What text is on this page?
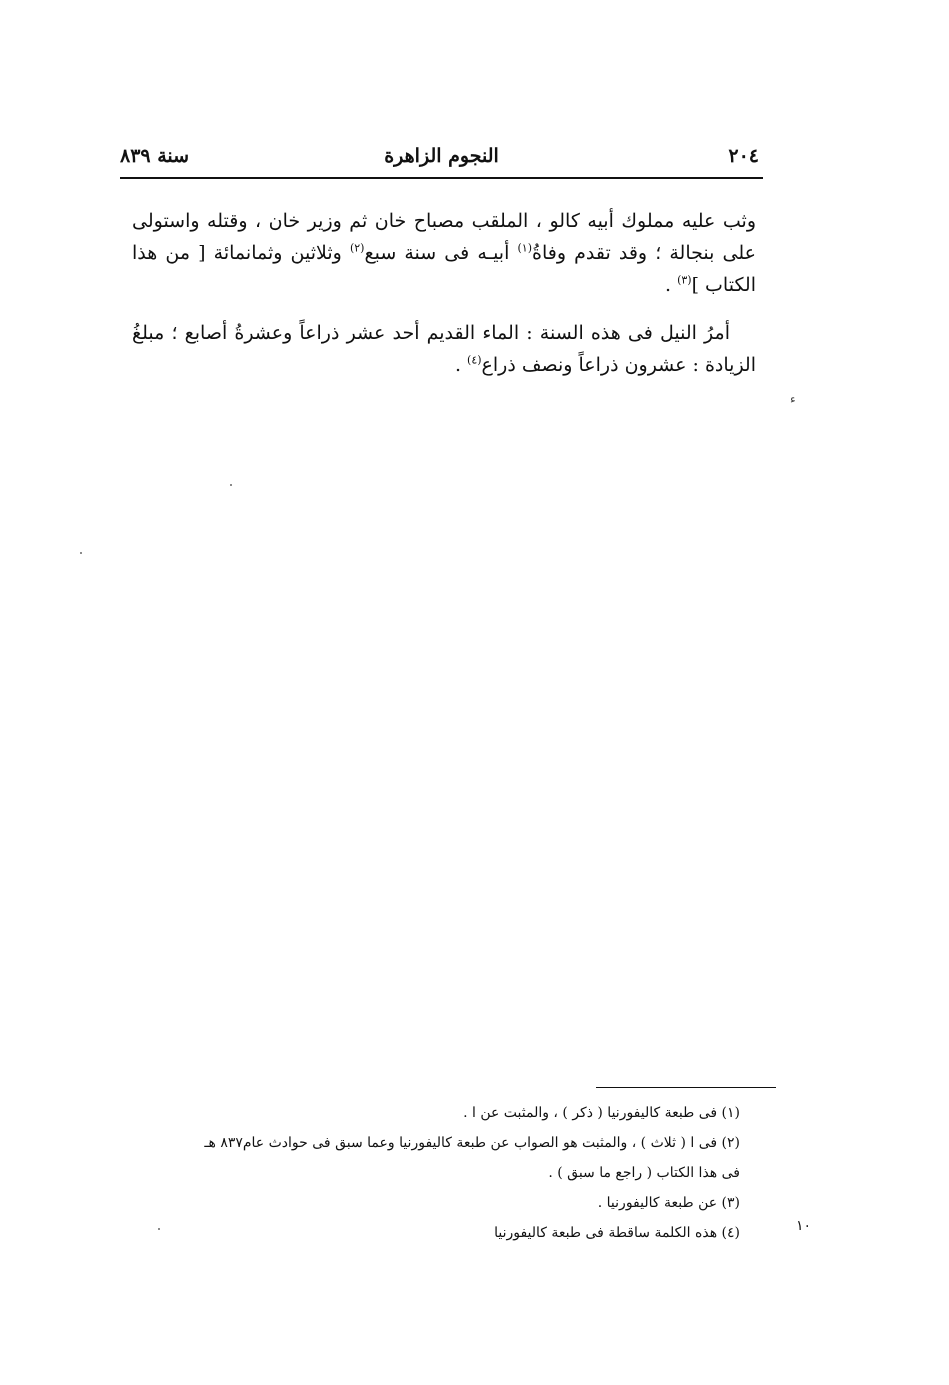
٢٠٤
النجوم الزاهرة
سنة ٨٣٩

وثب عليه مملوك أبيه كالو ، الملقب مصباح خان ثم وزير خان ، وقتله واستولى على بنجالة ؛ وقد تقدم وفاةُ$^{(١)}$ أبيـه فى سنة سبع$^{(٢)}$ وثلاثين وثمانمائة [ من هذا الكتاب ]$^{(٣)}$ .

أمرُ النيل فى هذه السنة : الماء القديم أحد عشر ذراعاً وعشرةُ أصابع ؛ مبلغُ الزيادة : عشرون ذراعاً ونصف ذراع$^{(٤)}$ .

ء
(١) فى طبعة كاليفورنيا ( ذكر ) ، والمثبت عن ا .
(٢) فى ا ( ثلاث ) ، والمثبت هو الصواب عن طبعة كاليفورنيا وعما سبق فى حوادث عام٨٣٧ هـ
فى هذا الكتاب ( راجع ما سبق ) .
(٣) عن طبعة كاليفورنيا .
(٤) هذه الكلمة ساقطة فى طبعة كاليفورنيا	١٠
